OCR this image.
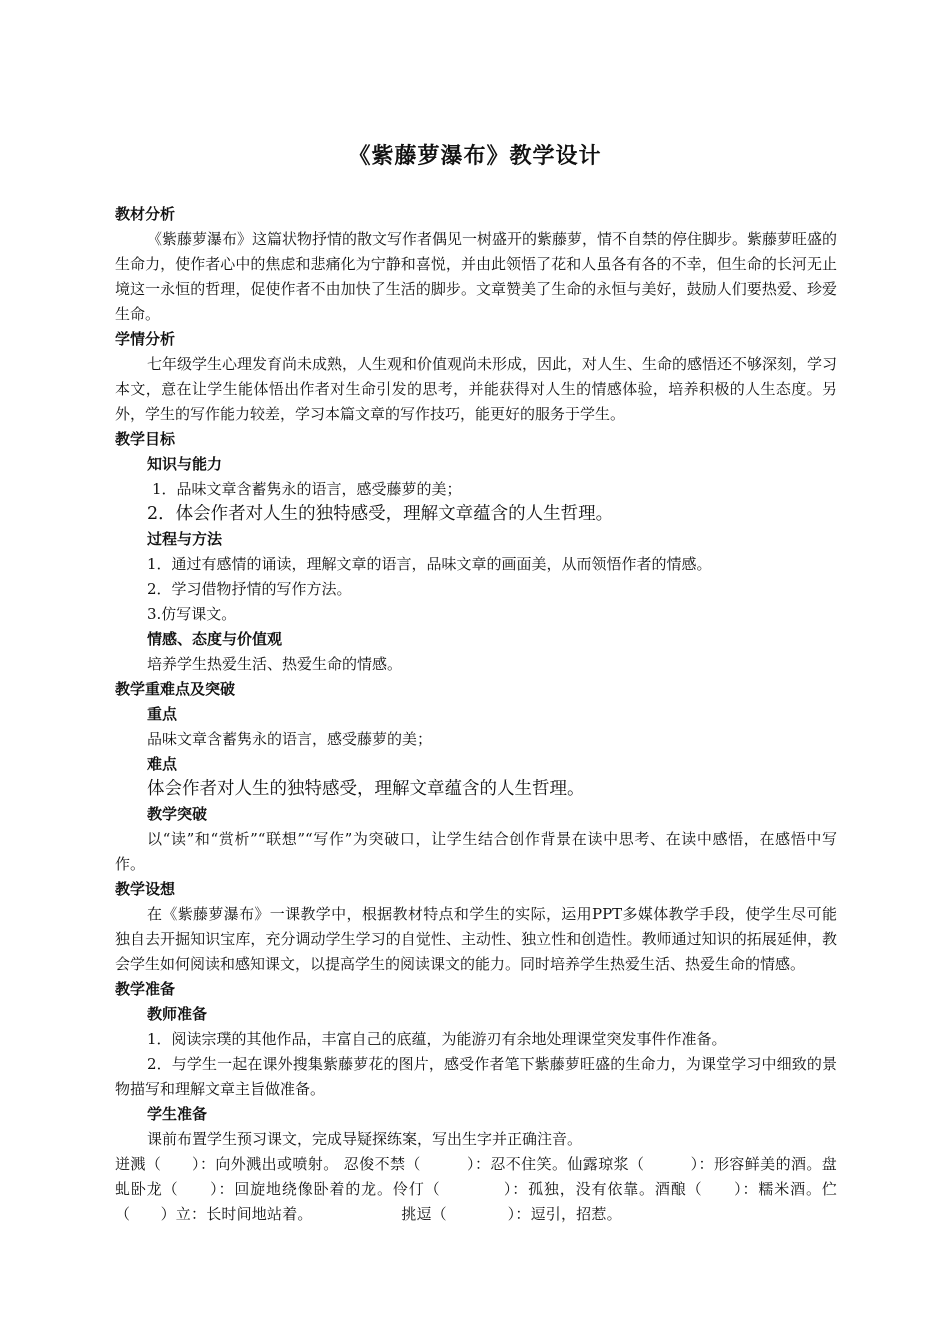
《紫藤萝瀑布》教学设计
教材分析

《紫藤萝瀑布》这篇状物抒情的散文写作者偶见一树盛开的紫藤萝，情不自禁的停住脚步。紫藤萝旺盛的生命力，使作者心中的焦虑和悲痛化为宁静和喜悦，并由此领悟了花和人虽各有各的不幸，但生命的长河无止境这一永恒的哲理，促使作者不由加快了生活的脚步。文章赞美了生命的永恒与美好，鼓励人们要热爱、珍爱生命。

学情分析

七年级学生心理发育尚未成熟，人生观和价值观尚未形成，因此，对人生、生命的感悟还不够深刻，学习本文，意在让学生能体悟出作者对生命引发的思考，并能获得对人生的情感体验，培养积极的人生态度。另外，学生的写作能力较差，学习本篇文章的写作技巧，能更好的服务于学生。

教学目标
知识与能力

1．品味文章含蓄隽永的语言，感受藤萝的美；

2．体会作者对人生的独特感受，理解文章蕴含的人生哲理。

过程与方法

1．通过有感情的诵读，理解文章的语言，品味文章的画面美，从而领悟作者的情感。

2．学习借物抒情的写作方法。

3.仿写课文。

情感、态度与价值观

培养学生热爱生活、热爱生命的情感。

教学重难点及突破
重点

品味文章含蓄隽永的语言，感受藤萝的美；

难点

体会作者对人生的独特感受，理解文章蕴含的人生哲理。

教学突破

以“读”和“赏析”“联想”“写作”为突破口，让学生结合创作背景在读中思考、在读中感悟，在感悟中写作。

教学设想

在《紫藤萝瀑布》一课教学中，根据教材特点和学生的实际，运用PPT多媒体教学手段，使学生尽可能独自去开掘知识宝库，充分调动学生学习的自觉性、主动性、独立性和创造性。教师通过知识的拓展延伸，教会学生如何阅读和感知课文，以提高学生的阅读课文的能力。同时培养学生热爱生活、热爱生命的情感。

教学准备
教师准备

1．阅读宗璞的其他作品，丰富自己的底蕴，为能游刃有余地处理课堂突发事件作准备。

2．与学生一起在课外搜集紫藤萝花的图片，感受作者笔下紫藤萝旺盛的生命力，为课堂学习中细致的景物描写和理解文章主旨做准备。

学生准备

课前布置学生预习课文，完成导疑探练案，写出生字并正确注音。

迸溅（　　）：向外溅出或喷射。 忍俊不禁（　　　）：忍不住笑。仙露琼浆（　　　）：形容鲜美的酒。盘虬卧龙（　　）：回旋地绕像卧着的龙。伶仃（　　　　）：孤独，没有依靠。酒酿（　　）：糯米酒。伫（　　）立：长时间地站着。　　　　　　 挑逗（　　　　）：逗引，招惹。
